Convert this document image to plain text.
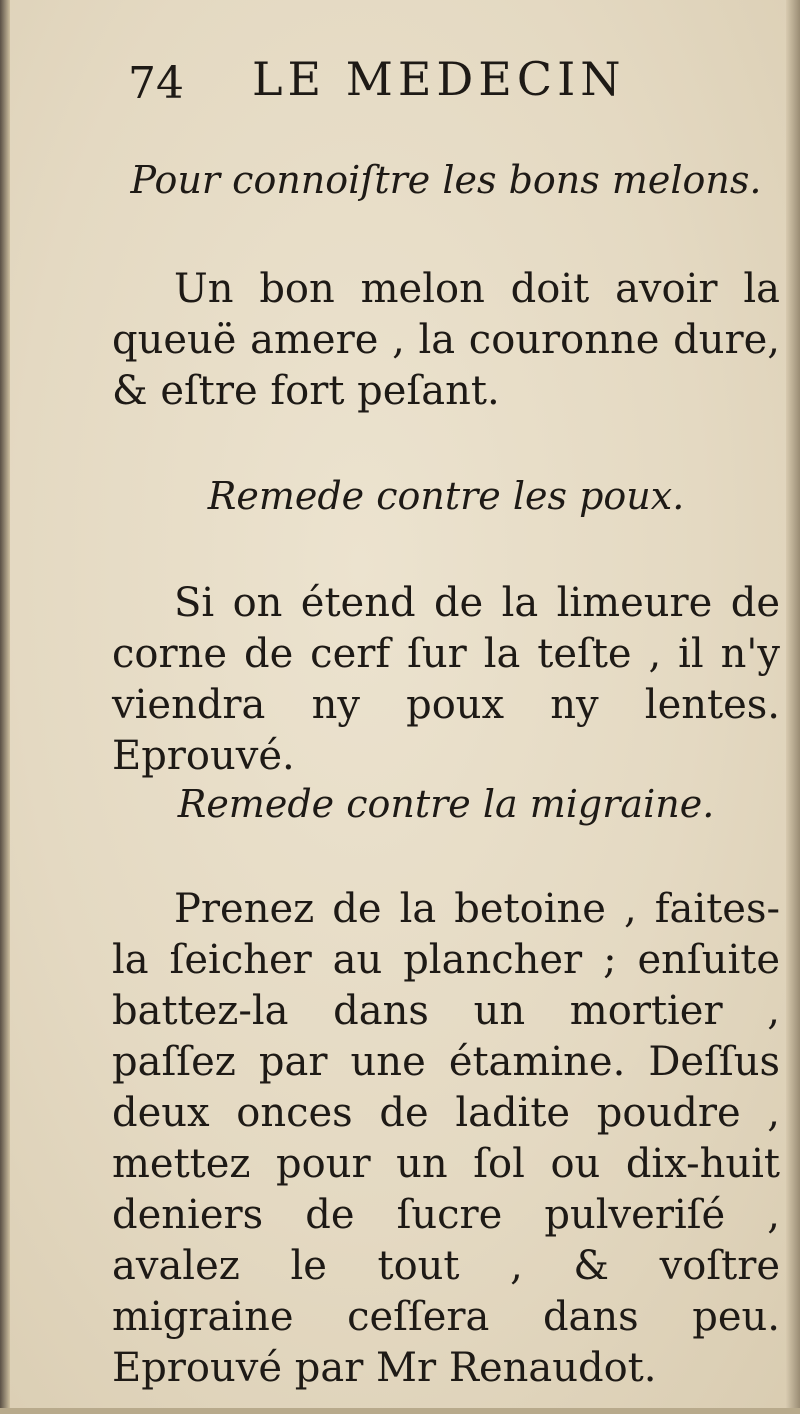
74 LE MEDECIN

Pour connoiſtre les bons melons.

Un bon melon doit avoir la queuë amere , la couronne dure, & eſtre fort peſant.

Remede contre les poux.

Si on étend de la limeure de corne de cerf ſur la teſte , il n'y viendra ny poux ny lentes. Eprouvé.

Remede contre la migraine.

Prenez de la betoine , faites-la ſeicher au plancher ; enſuite battez-la dans un mortier , paſſez par une étamine. Deſſus deux onces de ladite poudre , mettez pour un ſol ou dix-huit deniers de ſucre pulveriſé , avalez le tout , & voſtre migraine ceſſera dans peu. Eprouvé par Mr Renaudot.
